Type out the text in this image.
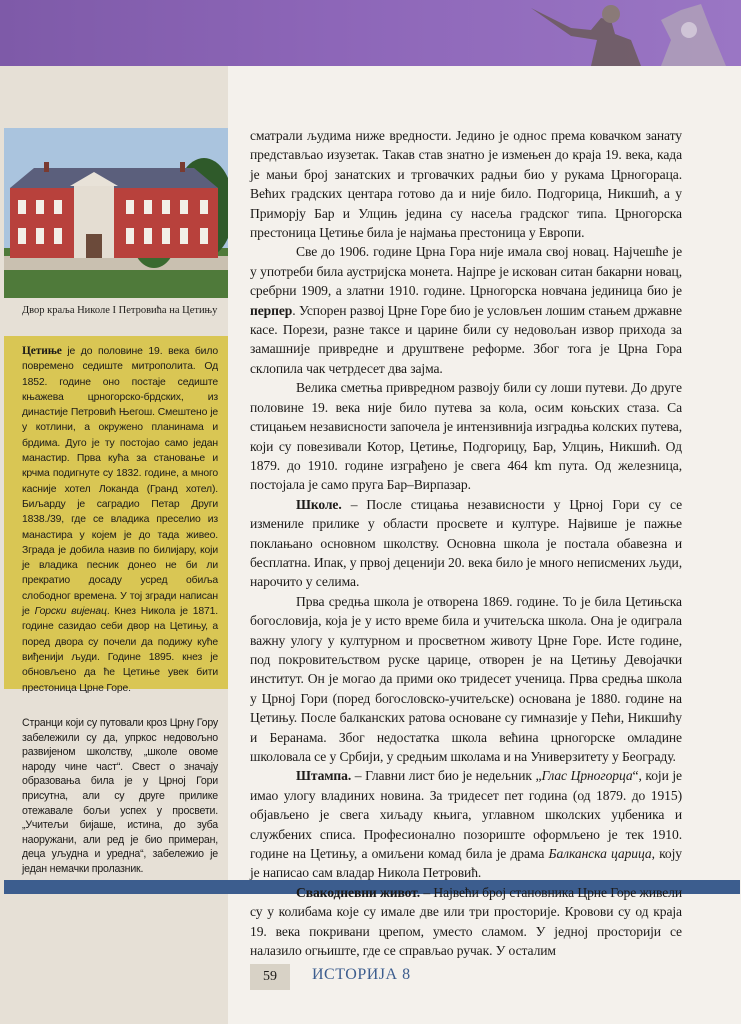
Двор краља Николе I Петровића на Цетињу
Цетиње је до половине 19. века било повремено седиште митрополита. Од 1852. године оно постаје седиште књажева црногорско-брдских, из династије Петровић Његош. Смештено је у котлини, а окружено планинама и брдима. Дуго је ту постојао само један манастир. Прва кућа за становање и крчма подигнуте су 1832. године, а много касније хотел Локанда (Гранд хотел). Биљарду је саградио Петар Други 1838./39, где се владика преселио из манастира у којем је до тада живео. Зграда је добила назив по билијару, који је владика песник донео не би ли прекратио досаду усред обиља слободног времена. У тој згради написан је Горски вијенац. Кнез Никола је 1871. године сазидао себи двор на Цетињу, а поред двора су почели да подижу куће виђенији људи. Године 1895. кнез је обновљено да ће Цетиње увек бити престоница Црне Горе.
Странци који су путовали кроз Црну Гору забележили су да, упркос недовољно развијеном школству, „школе овоме народу чине част“. Свест о значају образовања била је у Црној Гори присутна, али су друге прилике отежавале бољи успех у просвети. „Учитељи бијаше, истина, до зуба наоружани, али ред је био примеран, деца уљудна и уредна“, забележио је један немачки пролазник.

сматрали људима ниже вредности. Једино је однос према ковачком занату представљао изузетак. Такав став знатно је измењен до краја 19. века, када је мањи број занатских и трговачких радњи био у рукама Црногораца. Већих градских центара готово да и није било. Подгорица, Никшић, а у Приморју Бар и Улцињ једина су насеља градског типа. Црногорска престоница Цетиње била је најмања престоница у Европи.

Све до 1906. године Црна Гора није имала свој новац. Најчешће је у употреби била аустријска монета. Најпре је искован ситан бакарни новац, сребрни 1909, а златни 1910. године. Црногорска новчана јединица био је перпер. Успорен развој Црне Горе био је условљен лошим стањем државне касе. Порези, разне таксе и царине били су недовољан извор прихода за замашније привредне и друштвене реформе. Због тога је Црна Гора склопила чак четрдесет два зајма.

Велика сметња привредном развоју били су лоши путеви. До друге половине 19. века није било путева за кола, осим коњских стаза. Са стицањем независности започела је интензивнија изградња колских путева, који су повезивали Котор, Цетиње, Подгорицу, Бар, Улцињ, Никшић. Од 1879. до 1910. године изграђено је свега 464 km пута. Од железница, постојала је само пруга Бар–Вирпазар.

Школе. – После стицања независности у Црној Гори су се изменилe прилике у области просвете и културе. Највише је пажње поклањано основном школству. Основна школа је постала обавезна и бесплатна. Ипак, у првој деценији 20. века било је много неписмених људи, нарочито у селима.

Прва средња школа је отворена 1869. године. То је била Цетињска богословија, која је у исто време била и учитељска школа. Она је одиграла важну улогу у културном и просветном животу Црне Горе. Исте године, под покровитељством руске царице, отворен је на Цетињу Девојачки институт. Он је могао да прими око тридесет ученица. Прва средња школа у Црној Гори (поред богословско-учитељске) основана је 1880. године на Цетињу. После балканских ратова основане су гимназије у Пећи, Никшићу и Беранама. Због недостатка школа већина црногорске омладине школовала се у Србији, у средњим школама и на Универзитету у Београду.

Штампа. – Главни лист био је недељник „Глас Црногорца“, који је имао улогу владиних новина. За тридесет пет година (од 1879. до 1915) објављено је свега хиљаду књига, углавном школских уџбеника и службених списа. Професионално позориште оформљено је тек 1910. године на Цетињу, а омиљени комад била је драма Балканска царица, коју је написао сам владар Никола Петровић.

Свакодневни живот. – Највећи број становника Црне Горе живели су у колибама које су имале две или три просторије. Кровови су од краја 19. века покривани црепом, уместо сламом. У једној просторији се налазило огњиште, где се справљао ручак. У осталим

59	ИСТОРИЈА 8
